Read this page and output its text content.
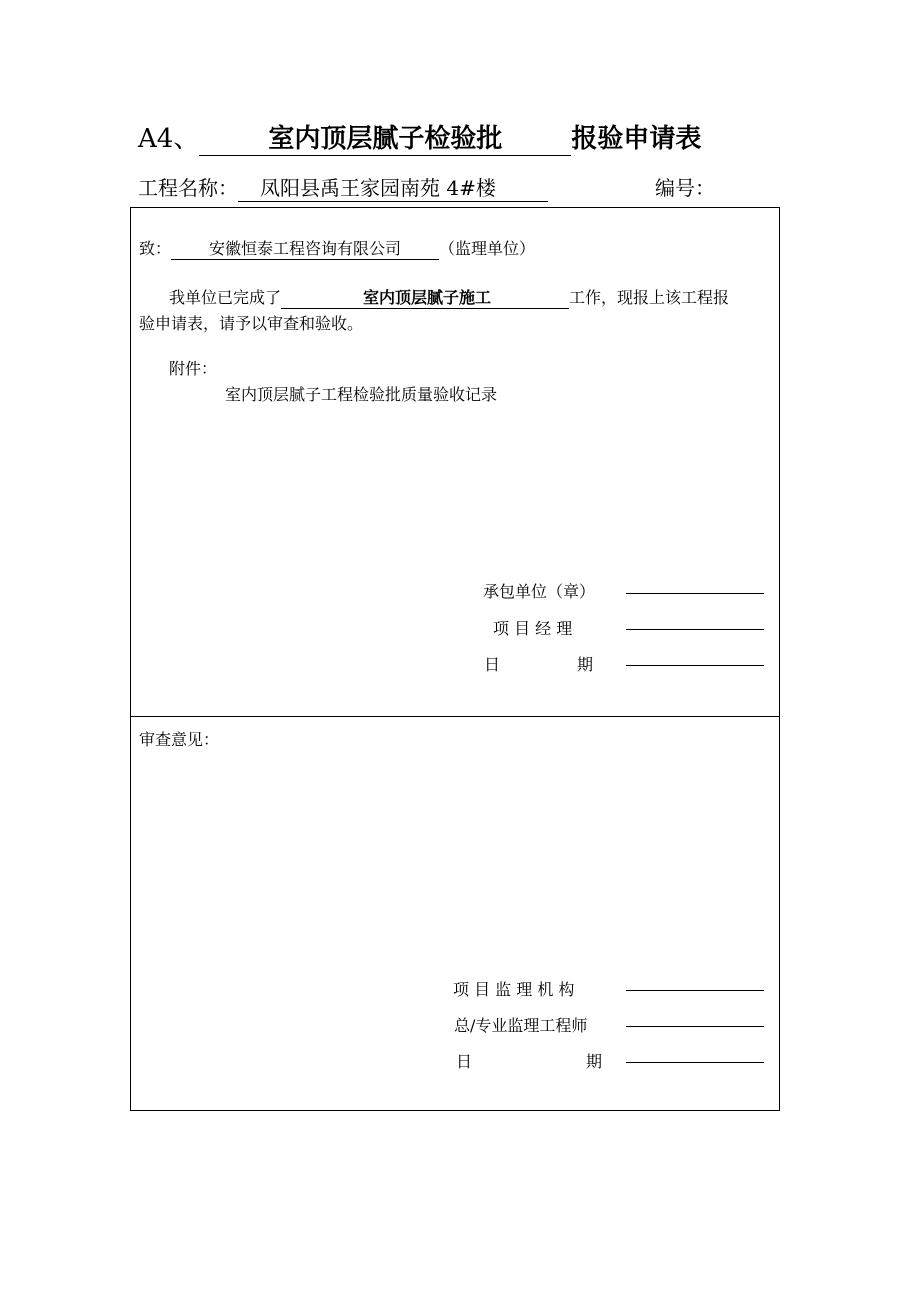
A4、	室内顶层腻子检验批	报验申请表
工程名称： 凤阳县禹王家园南苑 4#楼	编号：
致： 安徽恒泰工程咨询有限公司 （监理单位）
我单位已完成了	室内顶层腻子施工	工作，现报上该工程报
验申请表，请予以审查和验收。
附件：
室内顶层腻子工程检验批质量验收记录
承包单位（章）
项 目 经 理
日	期
审查意见：
项 目 监 理 机 构
总/专业监理工程师
日	期
